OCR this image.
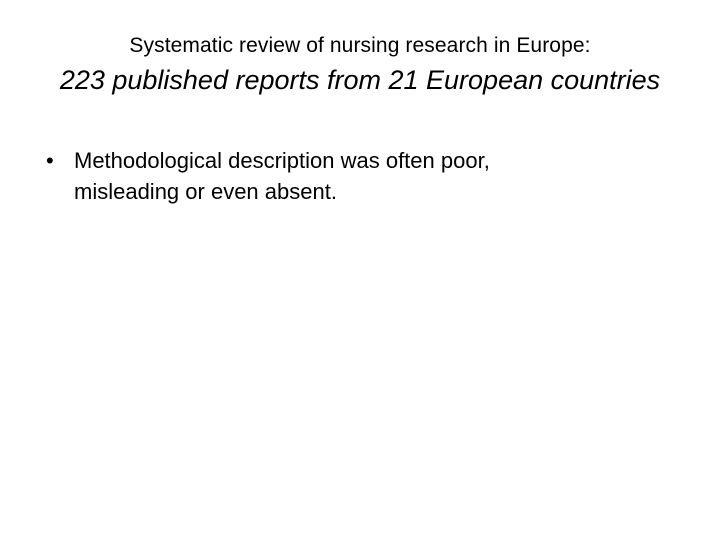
Systematic review of nursing research in Europe:
223 published reports from 21 European countries
• Methodological description was often poor,
misleading or even absent.
